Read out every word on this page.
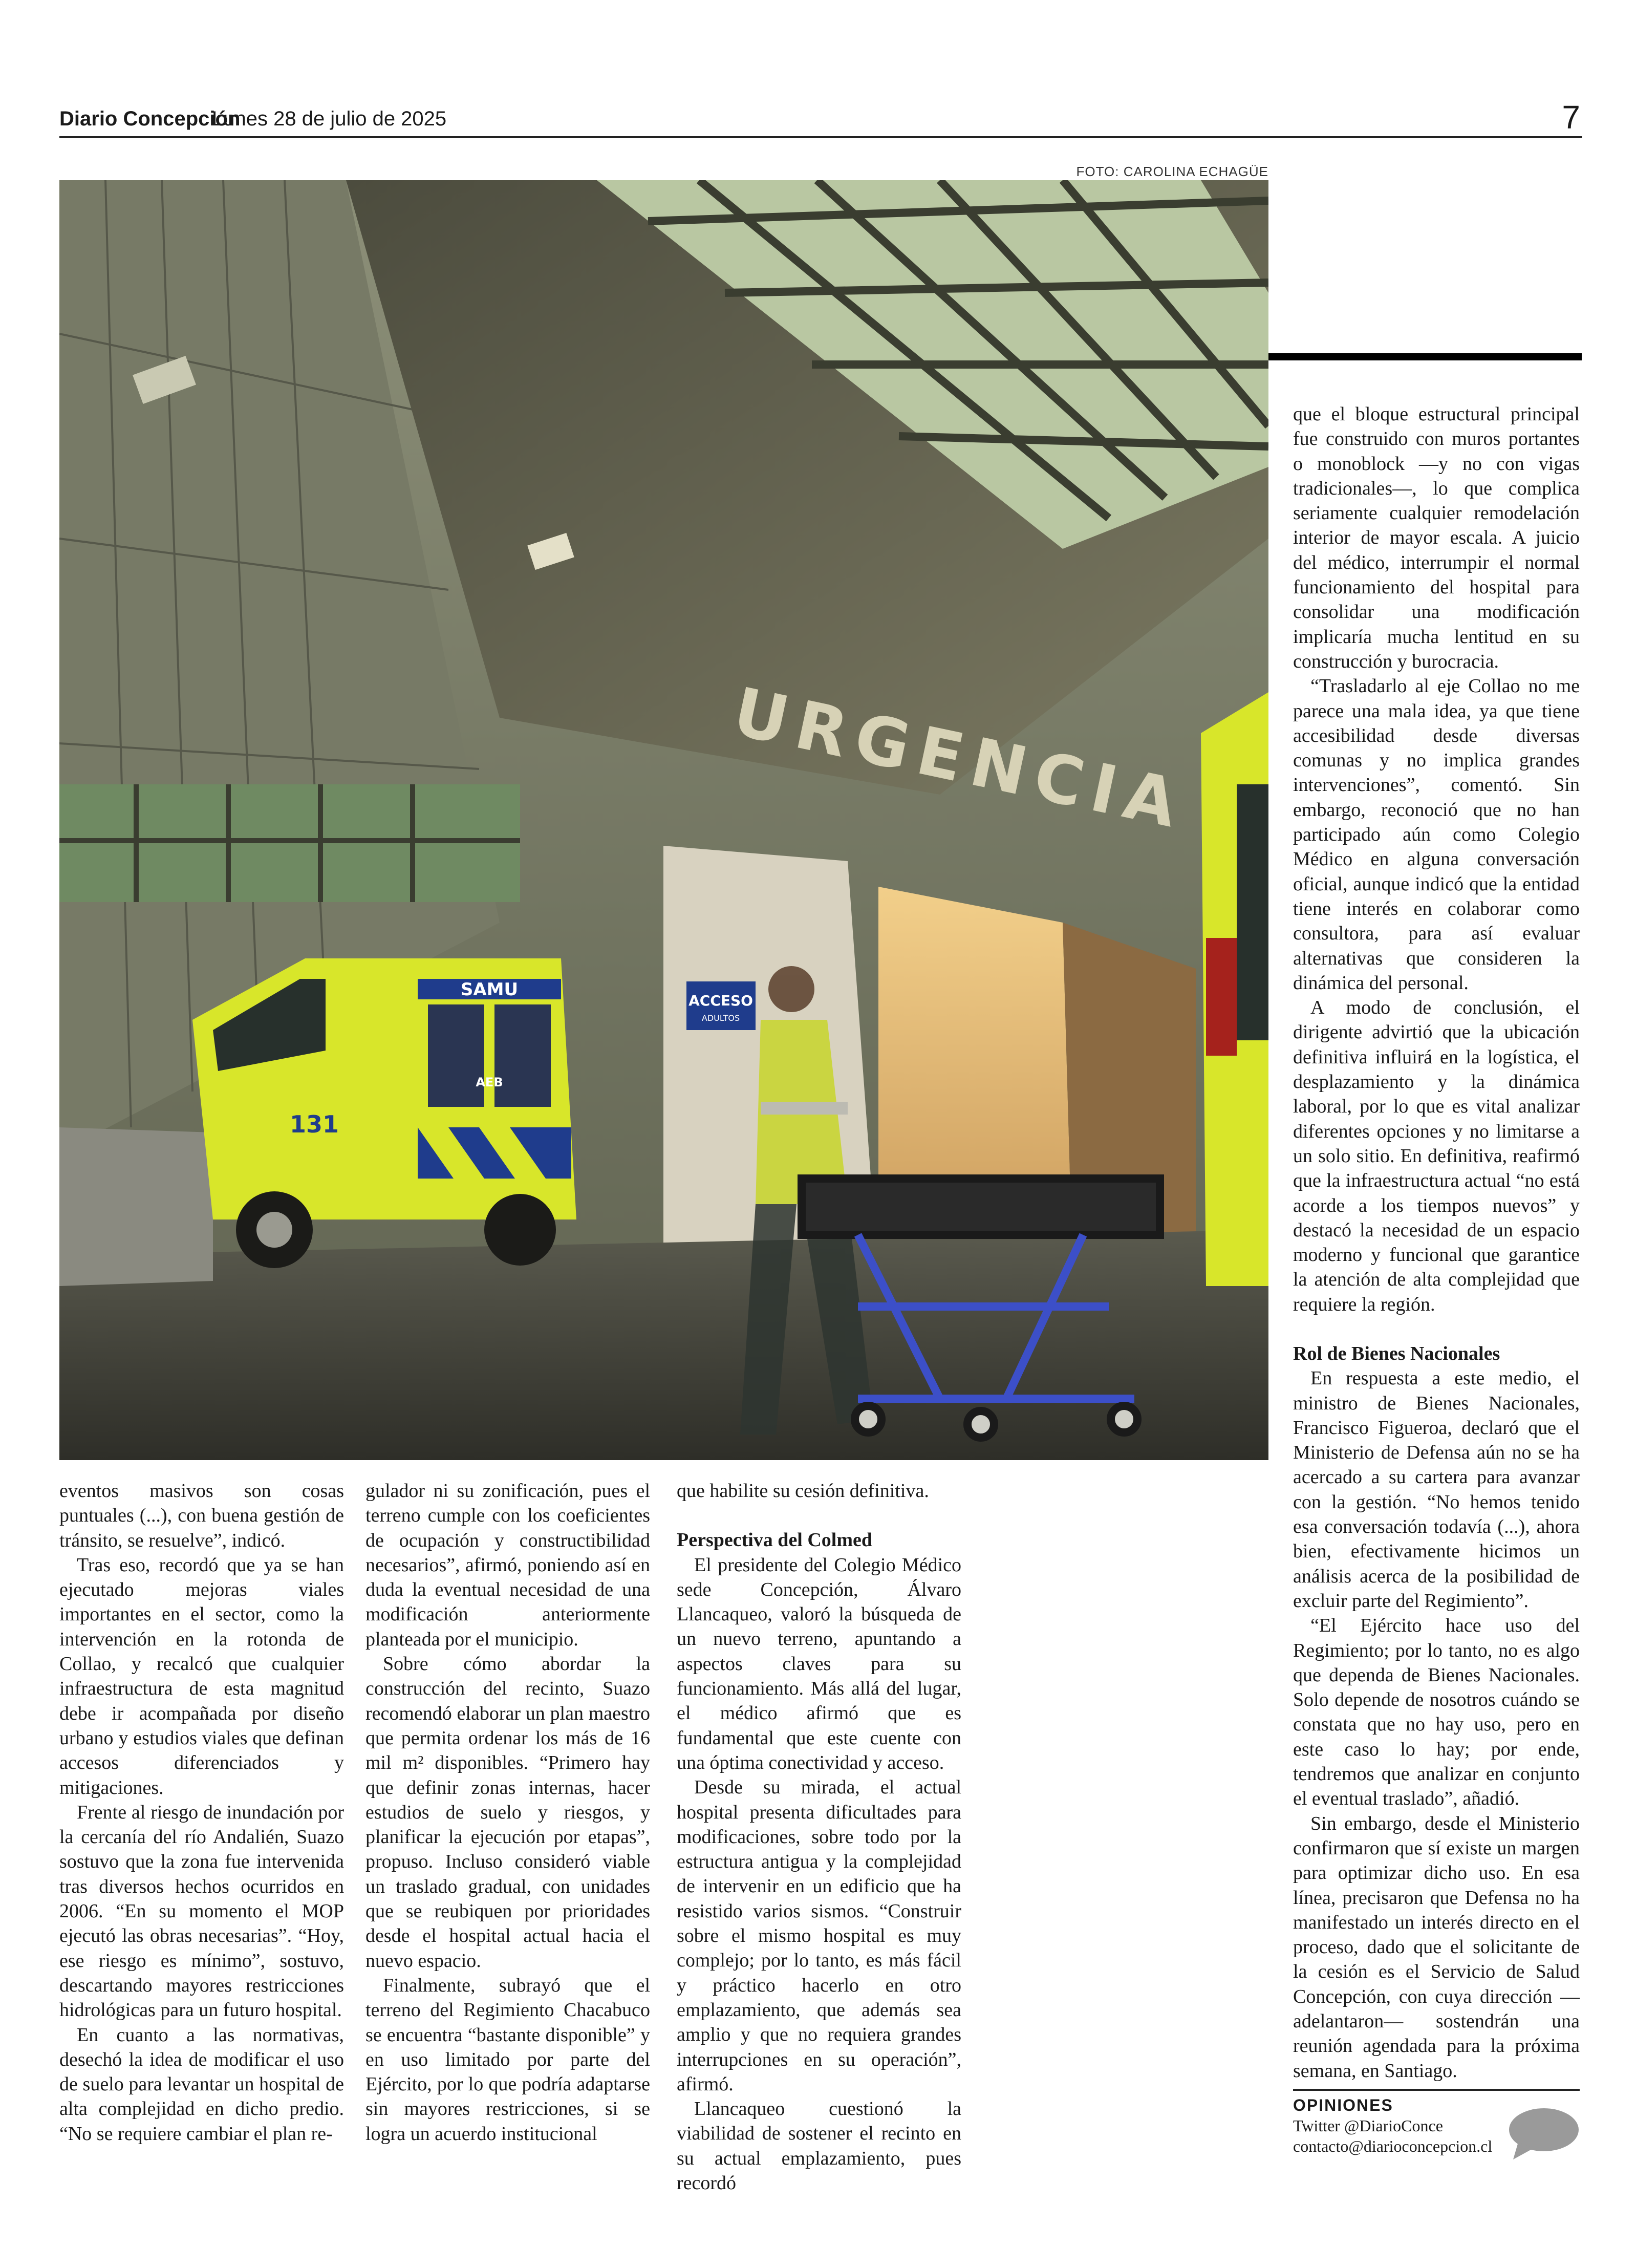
Diario Concepción
Lunes 28 de julio de 2025	7
FOTO: CAROLINA ECHAGÜE
URGENCIA
ACCESO
ADULTOS
SAMU
AEB
131

eventos masivos son cosas puntuales (...), con buena gestión de tránsito, se resuelve”, indicó.

Tras eso, recordó que ya se han ejecutado mejoras viales importantes en el sector, como la intervención en la rotonda de Collao, y recalcó que cualquier infraestructura de esta magnitud debe ir acompañada por diseño urbano y estudios viales que definan accesos diferenciados y mitigaciones.

Frente al riesgo de inundación por la cercanía del río Andalién, Suazo sostuvo que la zona fue intervenida tras diversos hechos ocurridos en 2006. “En su momento el MOP ejecutó las obras necesarias”. “Hoy, ese riesgo es mínimo”, sostuvo, descartando mayores restricciones hidrológicas para un futuro hospital.

En cuanto a las normativas, desechó la idea de modificar el uso de suelo para levantar un hospital de alta complejidad en dicho predio. “No se requiere cambiar el plan re-

gulador ni su zonificación, pues el terreno cumple con los coeficientes de ocupación y constructibilidad necesarios”, afirmó, poniendo así en duda la eventual necesidad de una modificación anteriormente planteada por el municipio.

Sobre cómo abordar la construcción del recinto, Suazo recomendó elaborar un plan maestro que permita ordenar los más de 16 mil m² disponibles. “Primero hay que definir zonas internas, hacer estudios de suelo y riesgos, y planificar la ejecución por etapas”, propuso. Incluso consideró viable un traslado gradual, con unidades que se reubiquen por prioridades desde el hospital actual hacia el nuevo espacio.

Finalmente, subrayó que el terreno del Regimiento Chacabuco se encuentra “bastante disponible” y en uso limitado por parte del Ejército, por lo que podría adaptarse sin mayores restricciones, si se logra un acuerdo institucional

que habilite su cesión definitiva.

Perspectiva del Colmed

El presidente del Colegio Médico sede Concepción, Álvaro Llancaqueo, valoró la búsqueda de un nuevo terreno, apuntando a aspectos claves para su funcionamiento. Más allá del lugar, el médico afirmó que es fundamental que este cuente con una óptima conectividad y acceso.

Desde su mirada, el actual hospital presenta dificultades para modificaciones, sobre todo por la estructura antigua y la complejidad de intervenir en un edificio que ha resistido varios sismos. “Construir sobre el mismo hospital es muy complejo; por lo tanto, es más fácil y práctico hacerlo en otro emplazamiento, que además sea amplio y que no requiera grandes interrupciones en su operación”, afirmó.

Llancaqueo cuestionó la viabilidad de sostener el recinto en su actual emplazamiento, pues recordó

que el bloque estructural principal fue construido con muros portantes o monoblock —y no con vigas tradicionales—, lo que complica seriamente cualquier remodelación interior de mayor escala. A juicio del médico, interrumpir el normal funcionamiento del hospital para consolidar una modificación implicaría mucha lentitud en su construcción y burocracia.

“Trasladarlo al eje Collao no me parece una mala idea, ya que tiene accesibilidad desde diversas comunas y no implica grandes intervenciones”, comentó. Sin embargo, reconoció que no han participado aún como Colegio Médico en alguna conversación oficial, aunque indicó que la entidad tiene interés en colaborar como consultora, para así evaluar alternativas que consideren la dinámica del personal.

A modo de conclusión, el dirigente advirtió que la ubicación definitiva influirá en la logística, el desplazamiento y la dinámica laboral, por lo que es vital analizar diferentes opciones y no limitarse a un solo sitio. En definitiva, reafirmó que la infraestructura actual “no está acorde a los tiempos nuevos” y destacó la necesidad de un espacio moderno y funcional que garantice la atención de alta complejidad que requiere la región.

Rol de Bienes Nacionales

En respuesta a este medio, el ministro de Bienes Nacionales, Francisco Figueroa, declaró que el Ministerio de Defensa aún no se ha acercado a su cartera para avanzar con la gestión. “No hemos tenido esa conversación todavía (...), ahora bien, efectivamente hicimos un análisis acerca de la posibilidad de excluir parte del Regimiento”.

“El Ejército hace uso del Regimiento; por lo tanto, no es algo que dependa de Bienes Nacionales. Solo depende de nosotros cuándo se constata que no hay uso, pero en este caso lo hay; por ende, tendremos que analizar en conjunto el eventual traslado”, añadió.

Sin embargo, desde el Ministerio confirmaron que sí existe un margen para optimizar dicho uso. En esa línea, precisaron que Defensa no ha manifestado un interés directo en el proceso, dado que el solicitante de la cesión es el Servicio de Salud Concepción, con cuya dirección —adelantaron— sostendrán una reunión agendada para la próxima semana, en Santiago.

OPINIONES
Twitter @DiarioConce
contacto@diarioconcepcion.cl
